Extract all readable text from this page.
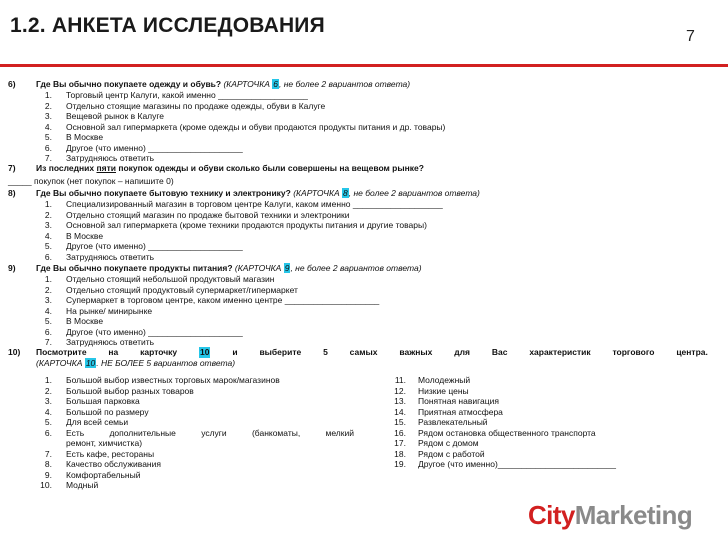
1.2. АНКЕТА ИССЛЕДОВАНИЯ	7
6) Где Вы обычно покупаете одежду и обувь? (КАРТОЧКА 6, не более 2 вариантов ответа)
1. Торговый центр Калуги, какой именно ___________________
2. Отдельно стоящие магазины по продаже одежды, обуви в Калуге
3. Вещевой рынок в Калуге
4. Основной зал гипермаркета (кроме одежды и обуви продаются продукты питания и др. товары)
5. В Москве
6. Другое (что именно) ____________________
7. Затрудняюсь ответить
7) Из последних пяти покупок одежды и обуви сколько были совершены на вещевом рынке?
_____ покупок (нет покупок – напишите 0)
8) Где Вы обычно покупаете бытовую технику и электронику? (КАРТОЧКА 8, не более 2 вариантов ответа)
1. Специализированный магазин в торговом центре Калуги, каком именно ___________________
2. Отдельно стоящий магазин по продаже бытовой техники и электроники
3. Основной зал гипермаркета (кроме техники продаются продукты питания и другие товары)
4. В Москве
5. Другое (что именно) ____________________
6. Затрудняюсь ответить
9) Где Вы обычно покупаете продукты питания? (КАРТОЧКА 9, не более 2 вариантов ответа)
1. Отдельно стоящий небольшой продуктовый магазин
2. Отдельно стоящий продуктовый супермаркет/гипермаркет
3. Супермаркет в торговом центре, каком именно центре ____________________
4. На рынке/ минирынке
5. В Москве
6. Другое (что именно) ____________________
7. Затрудняюсь ответить
10) Посмотрите	на	карточку	10	и	выберите	5	самых	важных	для	Вас	характеристик	торгового	центра.
(КАРТОЧКА 10. НЕ БОЛЕЕ 5 вариантов ответа)
1. Большой выбор известных торговых марок/магазинов
2. Большой выбор разных товаров
3. Большая парковка
4. Большой по размеру
5. Для всей семьи
6. Есть	дополнительные	услуги	(банкоматы,	мелкий
ремонт, химчистка)
7. Есть кафе, рестораны
8. Качество обслуживания
9. Комфортабельный
10. Модный
11. Молодежный
12. Низкие цены
13. Понятная навигация
14. Приятная атмосфера
15. Развлекательный
16. Рядом остановка общественного транспорта
17. Рядом с домом
18. Рядом с работой
19. Другое (что именно)_________________________
CityMarketing
